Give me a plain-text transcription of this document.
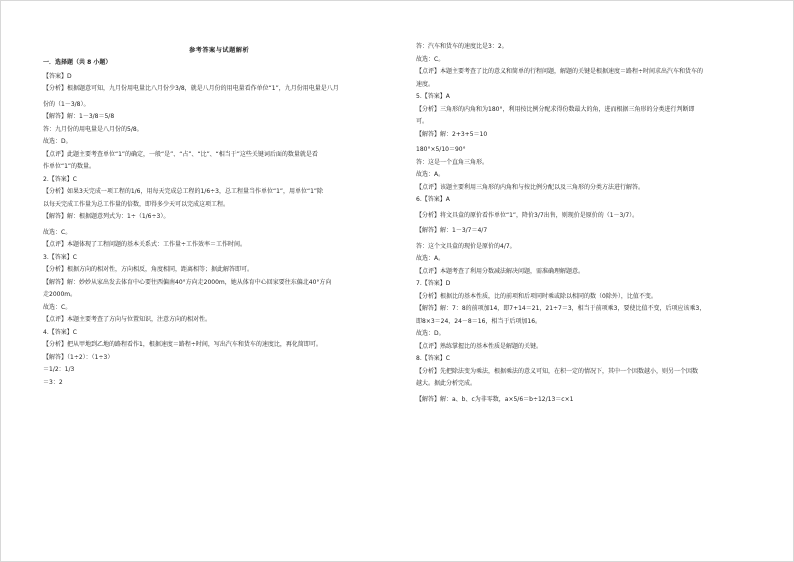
参考答案与试题解析
一．选择题（共 8 小题）
【答案】D
【分析】根据题意可知，九月份用电量比八月份少3/8，就是八月份的用电量看作单位“1”，九月份用电量是八月
份的（1－3/8）。
【解答】解：1－3/8＝5/8
答：九月份的用电量是八月份的5/8。
故选：D。
【点评】此题主要考查单位“1”的确定，一般“是”、“占”、“比”、“相当于”这些关键词后面的数量就是看
作单位“1”的数量。
2.【答案】C
【分析】如果3天完成一项工程的1/6，用每天完成总工程的1/6÷3，总工程量当作单位“1”，用单位“1”除
以每天完成工作量为总工作量的倍数，即得多少天可以完成这项工程。
【解答】解：根据题意列式为：1÷（1/6÷3）。
故选：C。
【点评】本题体现了工程问题的基本关系式：工作量÷工作效率＝工作时间。
3.【答案】C
【分析】根据方向的相对性，方向相反，角度相同，距离相等；据此解答即可。
【解答】解：妙妙从家出发去体育中心要往西偏南40°方向走2000m，她从体育中心回家要往东偏北40°方向
走2000m。
故选：C。
【点评】本题主要考查了方向与位置知识，注意方向的相对性。
4.【答案】C
【分析】把从甲地到乙地的路程看作1，根据速度＝路程÷时间，写出汽车和货车的速度比，再化简即可。
【解答】（1÷2）：（1÷3）
＝1/2：1/3
＝3：2
答：汽车和货车的速度比是3：2。
故选：C。
【点评】本题主要考查了比的意义和简单的行程问题，解题的关键是根据速度＝路程÷时间求出汽车和货车的
速度。
5.【答案】A
【分析】三角形的内角和为180°，利用按比例分配求得份数最大的角，进而根据三角形的分类进行判断即
可。
【解答】解：2+3+5＝10
180°×5/10＝90°
答：这是一个直角三角形。
故选：A。
【点评】该题主要利用三角形的内角和与按比例分配以及三角形的分类方法进行解答。
6.【答案】A
【分析】将文具盒的原价看作单位“1”，降价3/7出售，则现价是原价的（1－3/7）。
【解答】解：1－3/7＝4/7
答：这个文具盒的现价是原价的4/7。
故选：A。
【点评】本题考查了利用分数减法解决问题，需准确理解题意。
7.【答案】D
【分析】根据比的基本性质，比的前项和后项同时乘或除以相同的数（0除外），比值不变。
【解答】解：7：8的前项加14，即7+14＝21，21÷7＝3，相当于前项乘3，要使比值不变，后项应该乘3，
即8×3＝24，24－8＝16，相当于后项加16。
故选：D。
【点评】熟练掌握比的基本性质是解题的关键。
8.【答案】C
【分析】先把除法变为乘法，根据乘法的意义可知，在积一定的情况下，其中一个因数越小，则另一个因数
越大。据此分析完成。
【解答】解：a、b、c为非零数，a×5/6＝b÷12/13＝c×1
